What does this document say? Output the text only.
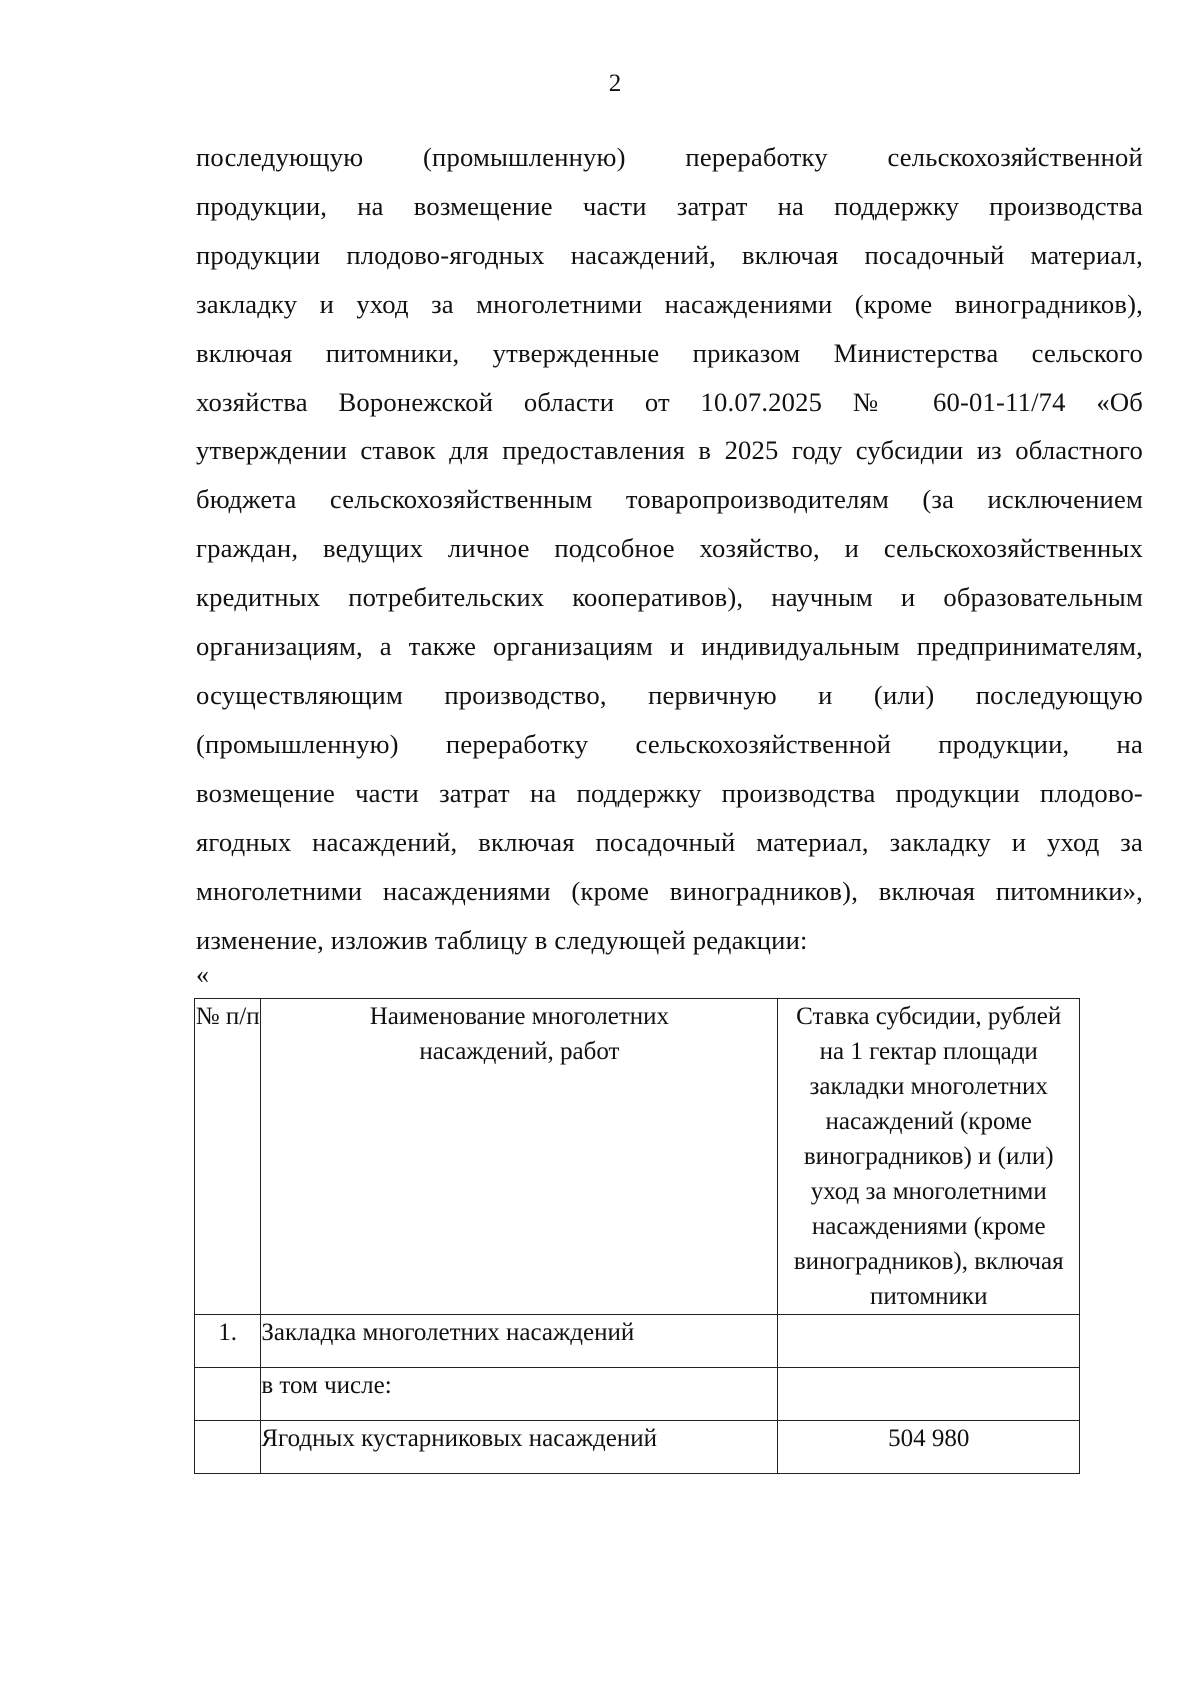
2
последующую (промышленную) переработку сельскохозяйственной
продукции, на возмещение части затрат на поддержку производства
продукции плодово-ягодных насаждений, включая посадочный материал,
закладку и уход за многолетними насаждениями (кроме виноградников),
включая питомники, утвержденные приказом Министерства сельского
хозяйства Воронежской области от 10.07.2025 № 60-01-11/74 «Об
утверждении ставок для предоставления в 2025 году субсидии из областного
бюджета сельскохозяйственным товаропроизводителям (за исключением
граждан, ведущих личное подсобное хозяйство, и сельскохозяйственных
кредитных потребительских кооперативов), научным и образовательным
организациям, а также организациям и индивидуальным предпринимателям,
осуществляющим производство, первичную и (или) последующую
(промышленную) переработку сельскохозяйственной продукции, на
возмещение части затрат на поддержку производства продукции плодово-
ягодных насаждений, включая посадочный материал, закладку и уход за
многолетними насаждениями (кроме виноградников), включая питомники»,
изменение, изложив таблицу в следующей редакции:
«
№ п/п	Наименование многолетних насаждений, работ	Ставка субсидии, рублей на 1 гектар площади закладки многолетних насаждений (кроме виноградников) и (или) уход за многолетними насаждениями (кроме виноградников), включая питомники

1.	Закладка многолетних насаждений	
	в том числе:	
	Ягодных кустарниковых насаждений	504 980
